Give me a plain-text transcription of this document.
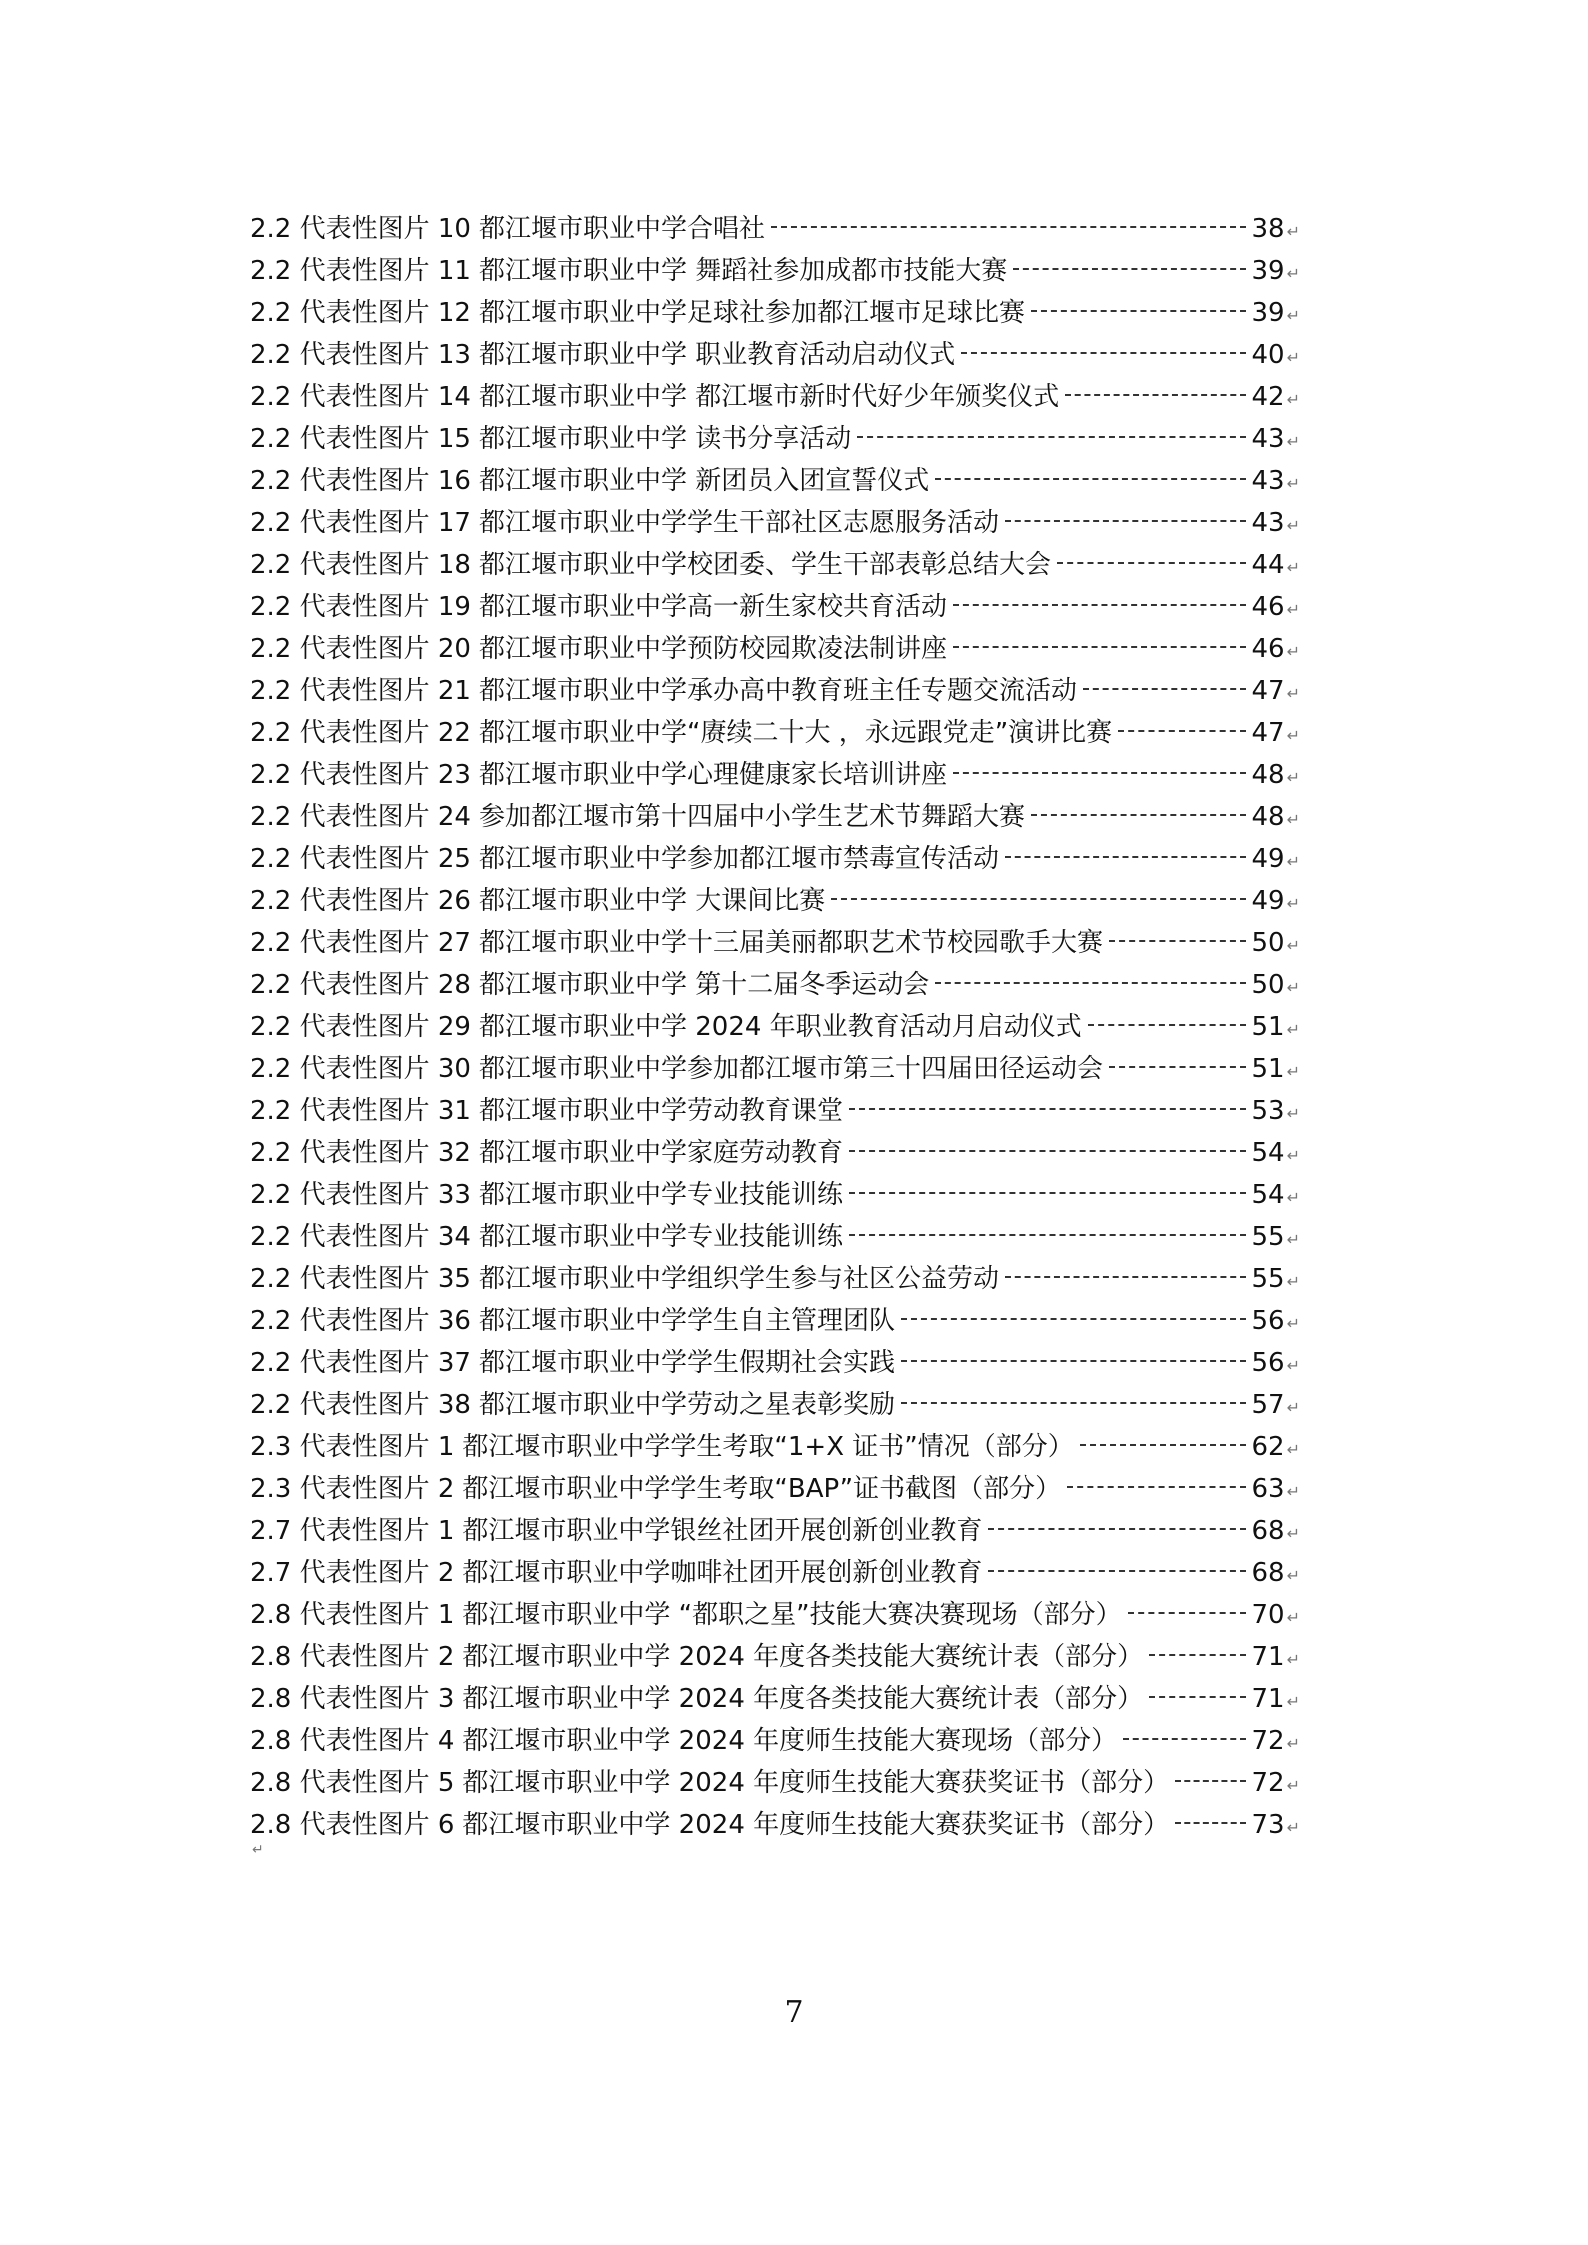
2.2 代表性图片 10 都江堰市职业中学合唱社	38 ↵
2.2 代表性图片 11 都江堰市职业中学 舞蹈社参加成都市技能大赛	39 ↵
2.2 代表性图片 12 都江堰市职业中学足球社参加都江堰市足球比赛	39 ↵
2.2 代表性图片 13 都江堰市职业中学 职业教育活动启动仪式	40 ↵
2.2 代表性图片 14 都江堰市职业中学 都江堰市新时代好少年颁奖仪式	42 ↵
2.2 代表性图片 15 都江堰市职业中学 读书分享活动	43 ↵
2.2 代表性图片 16 都江堰市职业中学 新团员入团宣誓仪式	43 ↵
2.2 代表性图片 17 都江堰市职业中学学生干部社区志愿服务活动	43 ↵
2.2 代表性图片 18 都江堰市职业中学校团委、学生干部表彰总结大会	44 ↵
2.2 代表性图片 19 都江堰市职业中学高一新生家校共育活动	46 ↵
2.2 代表性图片 20 都江堰市职业中学预防校园欺凌法制讲座	46 ↵
2.2 代表性图片 21 都江堰市职业中学承办高中教育班主任专题交流活动	47 ↵
2.2 代表性图片 22 都江堰市职业中学“赓续二十大 ，永远跟党走”演讲比赛	47 ↵
2.2 代表性图片 23 都江堰市职业中学心理健康家长培训讲座	48 ↵
2.2 代表性图片 24 参加都江堰市第十四届中小学生艺术节舞蹈大赛	48 ↵
2.2 代表性图片 25 都江堰市职业中学参加都江堰市禁毒宣传活动	49 ↵
2.2 代表性图片 26 都江堰市职业中学 大课间比赛	49 ↵
2.2 代表性图片 27 都江堰市职业中学十三届美丽都职艺术节校园歌手大赛	50 ↵
2.2 代表性图片 28 都江堰市职业中学 第十二届冬季运动会	50 ↵
2.2 代表性图片 29 都江堰市职业中学 2024 年职业教育活动月启动仪式	51 ↵
2.2 代表性图片 30 都江堰市职业中学参加都江堰市第三十四届田径运动会	51 ↵
2.2 代表性图片 31 都江堰市职业中学劳动教育课堂	53 ↵
2.2 代表性图片 32 都江堰市职业中学家庭劳动教育	54 ↵
2.2 代表性图片 33 都江堰市职业中学专业技能训练	54 ↵
2.2 代表性图片 34 都江堰市职业中学专业技能训练	55 ↵
2.2 代表性图片 35 都江堰市职业中学组织学生参与社区公益劳动	55 ↵
2.2 代表性图片 36 都江堰市职业中学学生自主管理团队	56 ↵
2.2 代表性图片 37 都江堰市职业中学学生假期社会实践	56 ↵
2.2 代表性图片 38 都江堰市职业中学劳动之星表彰奖励	57 ↵
2.3 代表性图片 1 都江堰市职业中学学生考取“1+X 证书”情况（部分）	62 ↵
2.3 代表性图片 2 都江堰市职业中学学生考取“BAP”证书截图（部分）	63 ↵
2.7 代表性图片 1 都江堰市职业中学银丝社团开展创新创业教育	68 ↵
2.7 代表性图片 2 都江堰市职业中学咖啡社团开展创新创业教育	68 ↵
2.8 代表性图片 1 都江堰市职业中学 “都职之星”技能大赛决赛现场（部分）	70 ↵
2.8 代表性图片 2 都江堰市职业中学 2024 年度各类技能大赛统计表（部分）	71 ↵
2.8 代表性图片 3 都江堰市职业中学 2024 年度各类技能大赛统计表（部分）	71 ↵
2.8 代表性图片 4 都江堰市职业中学 2024 年度师生技能大赛现场（部分）	72 ↵
2.8 代表性图片 5 都江堰市职业中学 2024 年度师生技能大赛获奖证书（部分）	72 ↵
2.8 代表性图片 6 都江堰市职业中学 2024 年度师生技能大赛获奖证书（部分）	73 ↵
↵
7
